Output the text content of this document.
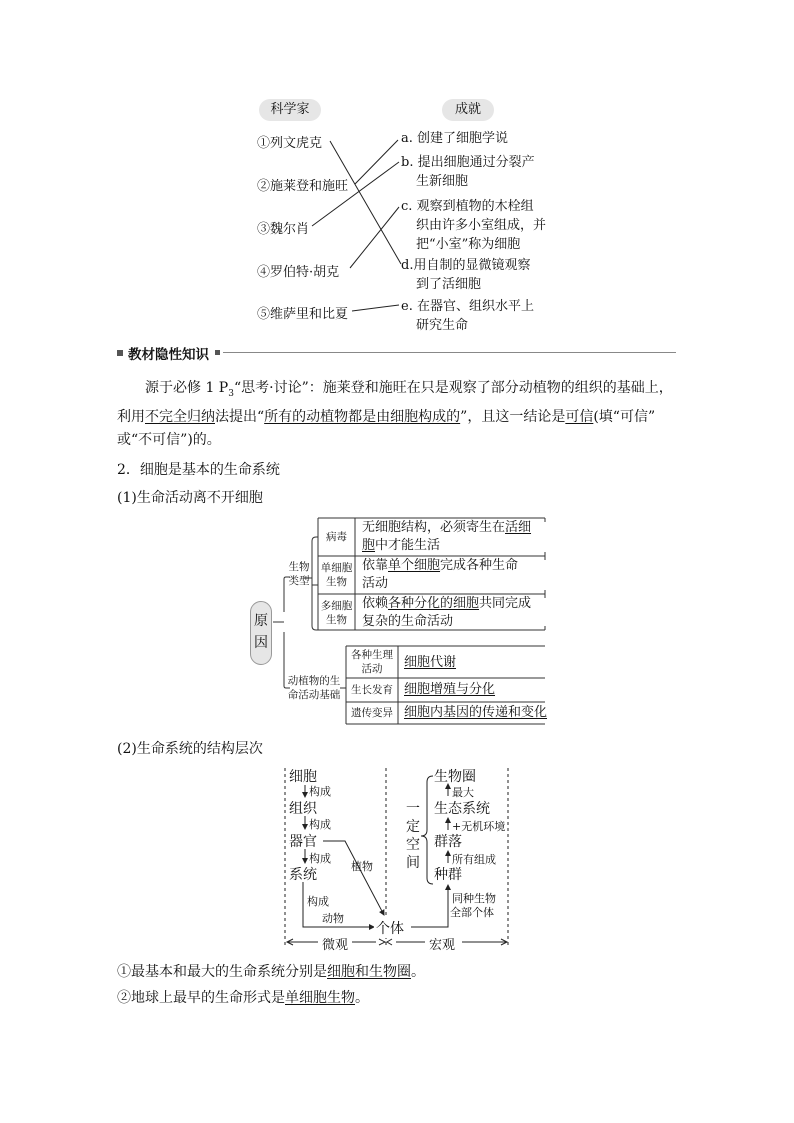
科学家	成就
①列文虎克
②施莱登和施旺
③魏尔肖
④罗伯特·胡克
⑤维萨里和比夏
a. 创建了细胞学说
b. 提出细胞通过分裂产
生新细胞
c. 观察到植物的木栓组
织由许多小室组成，并
把“小室”称为细胞
d.用自制的显微镜观察
到了活细胞
e. 在器官、组织水平上
研究生命
教材隐性知识
源于必修 1 $P_3“$思考·讨论”：施莱登和施旺在只是观察了部分动植物的组织的基础上，
利用不完全归纳法提出“所有的动植物都是由细胞构成的”，且这一结论是可信(填“可信”
或“不可信”)的。
2．细胞是基本的生命系统
(1)生命活动离不开细胞
原
因
生物
类型
动植物的生
命活动基础
病毒
单细胞
生物
多细胞
生物
无细胞结构，必须寄生在活细
胞中才能生活
依靠单个细胞完成各种生命
活动
依赖各种分化的细胞共同完成
复杂的生命活动
各种生理
活动
生长发育
遗传变异
细胞代谢
细胞增殖与分化
细胞内基因的传递和变化
(2)生命系统的结构层次
细胞
组织
器官
系统
构成
构成
构成
植物
构成
动物
个体
生物圈
生态系统
群落
种群
最大
+无机环境
所有组成
同种生物
全部个体
一
定
空
间
微观	宏观
①最基本和最大的生命系统分别是细胞和生物圈。
②地球上最早的生命形式是单细胞生物。
